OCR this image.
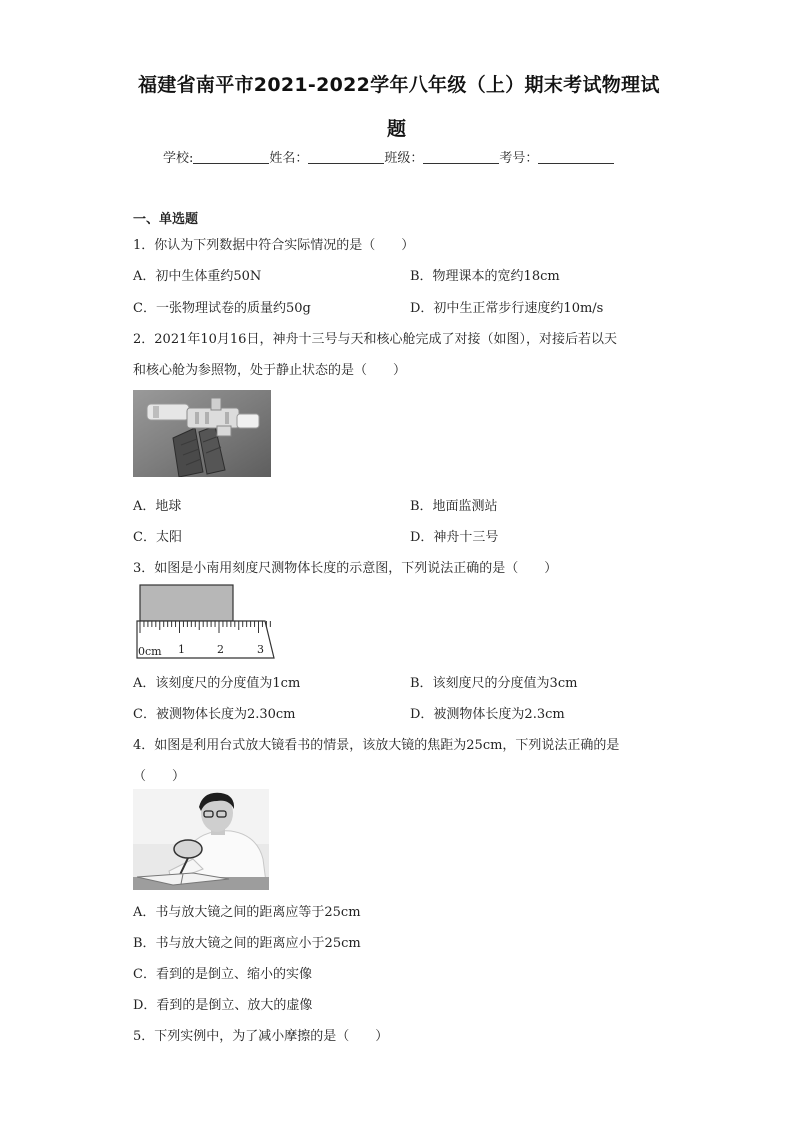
福建省南平市2021-2022学年八年级（上）期末考试物理试
题
学校:	姓名：	班级：	考号：
一、单选题
1．你认为下列数据中符合实际情况的是（　　）
A．初中生体重约50N	B．物理课本的宽约18cm
C．一张物理试卷的质量约50g	D．初中生正常步行速度约10m/s
2．2021年10月16日，神舟十三号与天和核心舱完成了对接（如图），对接后若以天
和核心舱为参照物，处于静止状态的是（　　）
A．地球	B．地面监测站
C．太阳	D．神舟十三号
3．如图是小南用刻度尺测物体长度的示意图，下列说法正确的是（　　）
0cm 1	2	3
A．该刻度尺的分度值为1cm	B．该刻度尺的分度值为3cm
C．被测物体长度为2.30cm	D．被测物体长度为2.3cm
4．如图是利用台式放大镜看书的情景，该放大镜的焦距为25cm，下列说法正确的是
（　　）
A．书与放大镜之间的距离应等于25cm
B．书与放大镜之间的距离应小于25cm
C．看到的是倒立、缩小的实像
D．看到的是倒立、放大的虚像
5．下列实例中，为了减小摩擦的是（　　）
